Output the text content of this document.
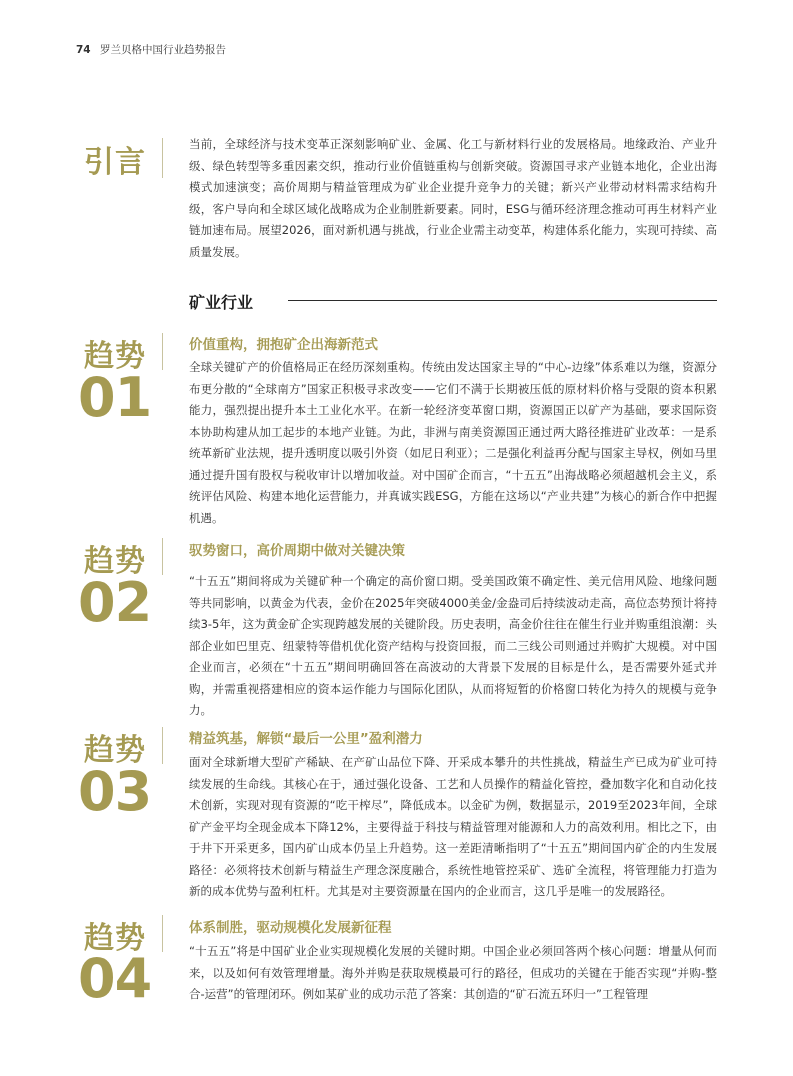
74 罗兰贝格中国行业趋势报告
引言

当前，全球经济与技术变革正深刻影响矿业、金属、化工与新材料行业的发展格局。地缘政治、产业升级、绿色转型等多重因素交织，推动行业价值链重构与创新突破。资源国寻求产业链本地化，企业出海模式加速演变；高价周期与精益管理成为矿业企业提升竞争力的关键；新兴产业带动材料需求结构升级，客户导向和全球区域化战略成为企业制胜新要素。同时，ESG与循环经济理念推动可再生材料产业链加速布局。展望2026，面对新机遇与挑战，行业企业需主动变革，构建体系化能力，实现可持续、高质量发展。

矿业行业
趋势
01
价值重构，拥抱矿企出海新范式

全球关键矿产的价值格局正在经历深刻重构。传统由发达国家主导的“中心-边缘”体系难以为继，资源分布更分散的“全球南方”国家正积极寻求改变——它们不满于长期被压低的原材料价格与受限的资本积累能力，强烈提出提升本土工业化水平。在新一轮经济变革窗口期，资源国正以矿产为基础，要求国际资本协助构建从加工起步的本地产业链。为此，非洲与南美资源国正通过两大路径推进矿业改革：一是系统革新矿业法规，提升透明度以吸引外资（如尼日利亚）；二是强化利益再分配与国家主导权，例如马里通过提升国有股权与税收审计以增加收益。对中国矿企而言，“十五五”出海战略必须超越机会主义，系统评估风险、构建本地化运营能力，并真诚实践ESG，方能在这场以“产业共建”为核心的新合作中把握机遇。

趋势
02
驭势窗口，高价周期中做对关键决策

“十五五”期间将成为关键矿种一个确定的高价窗口期。受美国政策不确定性、美元信用风险、地缘问题等共同影响，以黄金为代表，金价在2025年突破4000美金/金盎司后持续波动走高，高位态势预计将持续3-5年，这为黄金矿企实现跨越发展的关键阶段。历史表明，高金价往往在催生行业并购重组浪潮：头部企业如巴里克、纽蒙特等借机优化资产结构与投资回报，而二三线公司则通过并购扩大规模。对中国企业而言，必须在“十五五”期间明确回答在高波动的大背景下发展的目标是什么，是否需要外延式并购，并需重视搭建相应的资本运作能力与国际化团队，从而将短暂的价格窗口转化为持久的规模与竞争力。

趋势
03
精益筑基，解锁“最后一公里”盈利潜力

面对全球新增大型矿产稀缺、在产矿山品位下降、开采成本攀升的共性挑战，精益生产已成为矿业可持续发展的生命线。其核心在于，通过强化设备、工艺和人员操作的精益化管控，叠加数字化和自动化技术创新，实现对现有资源的“吃干榨尽”，降低成本。以金矿为例，数据显示，2019至2023年间，全球矿产金平均全现金成本下降12%，主要得益于科技与精益管理对能源和人力的高效利用。相比之下，由于井下开采更多，国内矿山成本仍呈上升趋势。这一差距清晰指明了“十五五”期间国内矿企的内生发展路径：必须将技术创新与精益生产理念深度融合，系统性地管控采矿、选矿全流程，将管理能力打造为新的成本优势与盈利杠杆。尤其是对主要资源量在国内的企业而言，这几乎是唯一的发展路径。

趋势
04
体系制胜，驱动规模化发展新征程

“十五五”将是中国矿业企业实现规模化发展的关键时期。中国企业必须回答两个核心问题：增量从何而来，以及如何有效管理增量。海外并购是获取规模最可行的路径，但成功的关键在于能否实现“并购-整合-运营”的管理闭环。例如某矿业的成功示范了答案：其创造的“矿石流五环归一”工程管理
